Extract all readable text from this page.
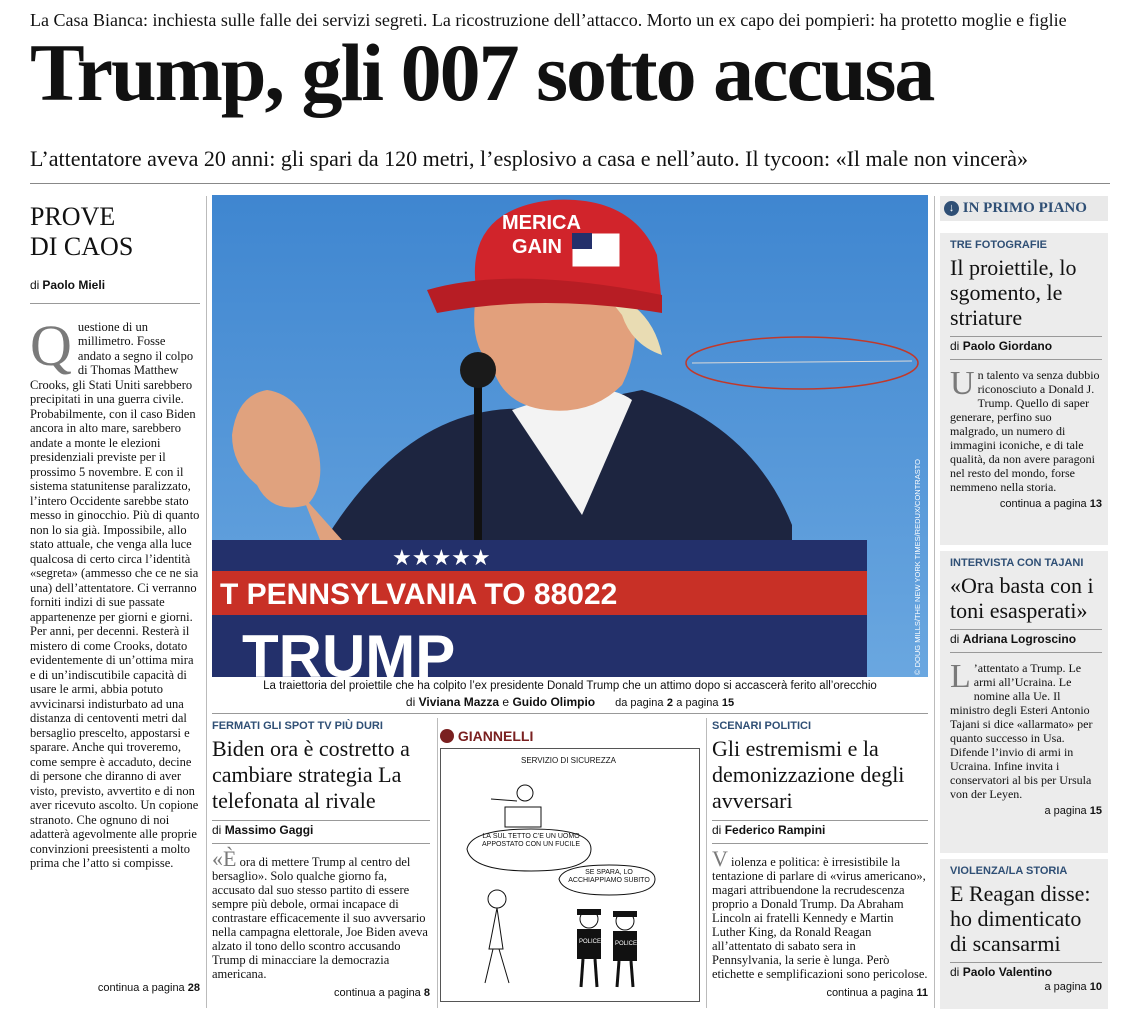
La Casa Bianca: inchiesta sulle falle dei servizi segreti. La ricostruzione dell’attacco. Morto un ex capo dei pompieri: ha protetto moglie e figlie
Trump, gli 007 sotto accusa
L’attentatore aveva 20 anni: gli spari da 120 metri, l’esplosivo a casa e nell’auto. Il tycoon: «Il male non vincerà»
PROVE
DI CAOS
di Paolo Mieli
Q uestione di un millimetro. Fosse andato a segno il colpo di Thomas Matthew Crooks, gli Stati Uniti sarebbero precipitati in una guerra civile. Probabilmente, con il caso Biden ancora in alto mare, sarebbero andate a monte le elezioni presidenziali previste per il prossimo 5 novembre. E con il sistema statunitense paralizzato, l’intero Occidente sarebbe stato messo in ginocchio. Più di quanto non lo sia già. Impossibile, allo stato attuale, che venga alla luce qualcosa di certo circa l’identità «segreta» (ammesso che ce ne sia una) dell’attentatore. Ci verranno forniti indizi di sue passate appartenenze per giorni e giorni. Per anni, per decenni. Resterà il mistero di come Crooks, dotato evidentemente di un’ottima mira e di un’indiscutibile capacità di usare le armi, abbia potuto avvicinarsi indisturbato ad una distanza di centoventi metri dal bersaglio prescelto, appostarsi e sparare. Anche qui troveremo, come sempre è accaduto, decine di persone che diranno di aver visto, previsto, avvertito e di non aver ricevuto ascolto. Un copione stranoto. Che ognuno di noi adatterà agevolmente alle proprie convinzioni preesistenti a molto prima che l’atto si compisse.
continua a pagina 28
MERICA
GAIN
★★★★★
T PENNSYLVANIA TO 88022
TRUMP	© DOUG MILLS/THE NEW YORK TIMES/REDUX/CONTRASTO
La traiettoria del proiettile che ha colpito l’ex presidente Donald Trump che un attimo dopo si accascerà ferito all’orecchio
di Viviana Mazza e Guido Olimpio da pagina 2 a pagina 15
↓ IN PRIMO PIANO
TRE FOTOGRAFIE
Il proiettile, lo sgomento, le striature
di Paolo Giordano
U n talento va senza dubbio riconosciuto a Donald J. Trump. Quello di saper generare, perfino suo malgrado, un numero di immagini iconiche, e di tale qualità, da non avere paragoni nel resto del mondo, forse nemmeno nella storia.
continua a pagina 13
INTERVISTA CON TAJANI
«Ora basta con i toni esasperati»
di Adriana Logroscino
L ’attentato a Trump. Le armi all’Ucraina. Le nomine alla Ue. Il ministro degli Esteri Antonio Tajani si dice «allarmato» per quanto successo in Usa. Difende l’invio di armi in Ucraina. Infine invita i conservatori al bis per Ursula von der Leyen.
a pagina 15
VIOLENZA/LA STORIA
E Reagan disse: ho dimenticato di scansarmi
di Paolo Valentino
a pagina 10
FERMATI GLI SPOT TV PIÙ DURI
Biden ora è costretto a cambiare strategia La telefonata al rivale
di Massimo Gaggi
«È ora di mettere Trump al centro del bersaglio». Solo qualche giorno fa, accusato dal suo stesso partito di essere sempre più debole, ormai incapace di contrastare efficacemente il suo avversario nella campagna elettorale, Joe Biden aveva alzato il tono dello scontro accusando Trump di minacciare la democrazia americana.
continua a pagina 8
GIANNELLI
SERVIZIO DI SICUREZZA
LÀ SUL TETTO C'È UN UOMO APPOSTATO CON UN FUCILE
SE SPARA, LO ACCHIAPPIAMO SUBITO
POLICE POLICE
SCENARI POLITICI
Gli estremismi e la demonizzazione degli avversari
di Federico Rampini
V iolenza e politica: è irresistibile la tentazione di parlare di «virus americano», magari attribuendone la recrudescenza proprio a Donald Trump. Da Abraham Lincoln ai fratelli Kennedy e Martin Luther King, da Ronald Reagan all’attentato di sabato sera in Pennsylvania, la serie è lunga. Però etichette e semplificazioni sono pericolose.
continua a pagina 11
